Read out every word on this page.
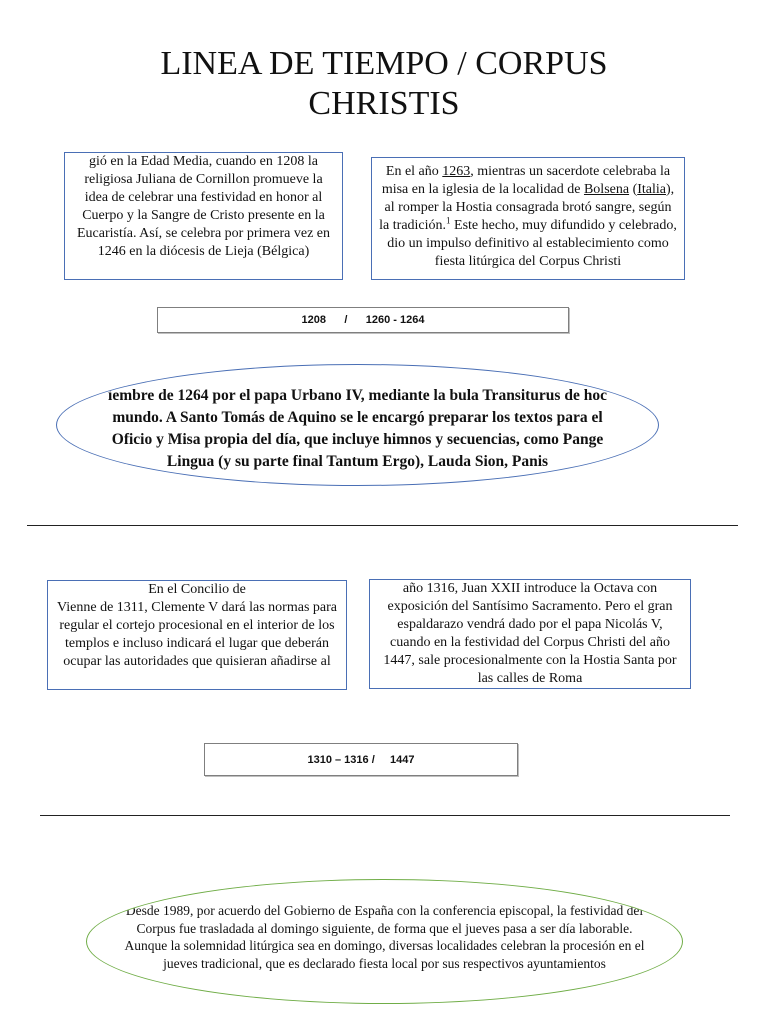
LINEA DE TIEMPO / CORPUS
CHRISTIS
gió en la Edad Media, cuando en 1208 la religiosa Juliana de Cornillon promueve la idea de celebrar una festividad en honor al Cuerpo y la Sangre de Cristo presente en la Eucaristía. Así, se celebra por primera vez en 1246 en la diócesis de Lieja (Bélgica)
En el año 1263, mientras un sacerdote celebraba la misa en la iglesia de la localidad de Bolsena (Italia), al romper la Hostia consagrada brotó sangre, según la tradición.$^1$ Este hecho, muy difundido y celebrado, dio un impulso definitivo al establecimiento como fiesta litúrgica del Corpus Christi
1208      /      1260 - 1264
iembre de 1264 por el papa Urbano IV, mediante la bula Transiturus de hoc mundo. A Santo Tomás de Aquino se le encargó preparar los textos para el Oficio y Misa propia del día, que incluye himnos y secuencias, como Pange Lingua (y su parte final Tantum Ergo), Lauda Sion, Panis
En el Concilio de
Vienne de 1311, Clemente V dará las normas para regular el cortejo procesional en el interior de los templos e incluso indicará el lugar que deberán ocupar las autoridades que quisieran añadirse al
año 1316, Juan XXII introduce la Octava con exposición del Santísimo Sacramento. Pero el gran espaldarazo vendrá dado por el papa Nicolás V, cuando en la festividad del Corpus Christi del año 1447, sale procesionalmente con la Hostia Santa por las calles de Roma
1310 – 1316 /     1447
Desde 1989, por acuerdo del Gobierno de España con la conferencia episcopal, la festividad del Corpus fue trasladada al domingo siguiente, de forma que el jueves pasa a ser día laborable. Aunque la solemnidad litúrgica sea en domingo, diversas localidades celebran la procesión en el jueves tradicional, que es declarado fiesta local por sus respectivos ayuntamientos
